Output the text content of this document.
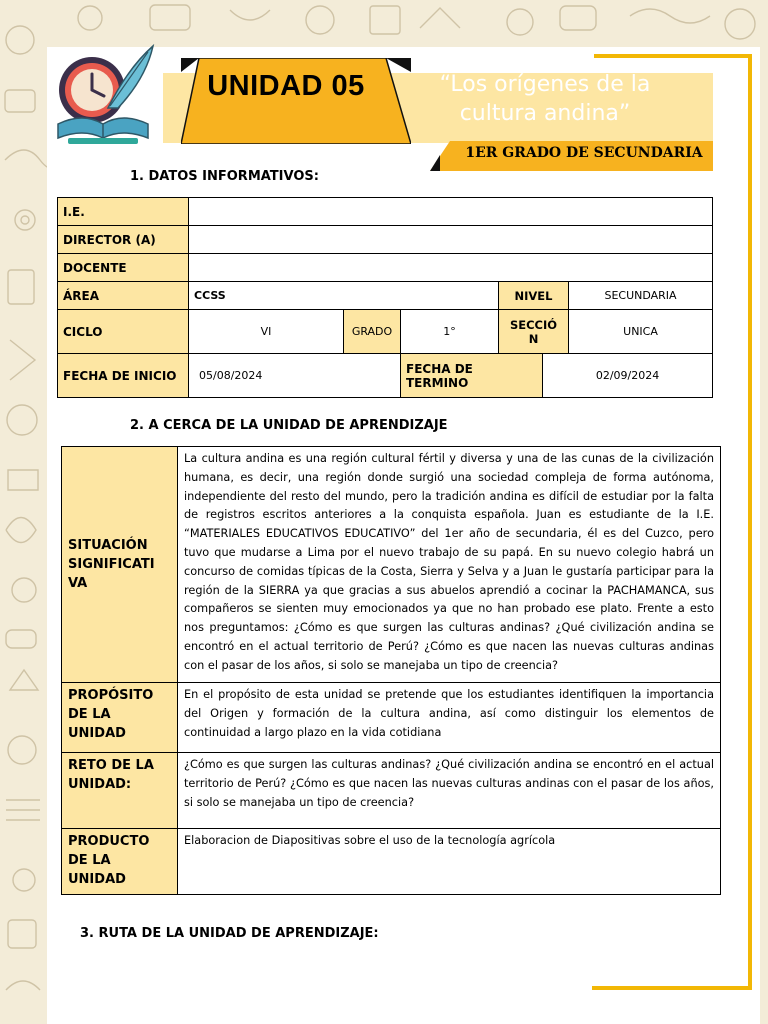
UNIDAD 05	“Los orígenes de la cultura andina”
1ER GRADO DE SECUNDARIA
1. DATOS INFORMATIVOS:
I.E.						
DIRECTOR (A)						
DOCENTE						
ÁREA	CCSS			NIVEL		SECUNDARIA
CICLO	VI	GRADO	1°	SECCIÓ N		UNICA
FECHA DE INICIO	05/08/2024		FECHA DE TERMINO		02/09/2024	
2. A CERCA DE LA UNIDAD DE APRENDIZAJE
SITUACIÓN SIGNIFICATI VA	La cultura andina es una región cultural fértil y diversa y una de las cunas de la civilización humana, es decir, una región donde surgió una sociedad compleja de forma autónoma, independiente del resto del mundo, pero la tradición andina es difícil de estudiar por la falta de registros escritos anteriores a la conquista española. Juan es estudiante de la I.E. “MATERIALES EDUCATIVOS EDUCATIVO” del 1er año de secundaria, él es del Cuzco, pero tuvo que mudarse a Lima por el nuevo trabajo de su papá. En su nuevo colegio habrá un concurso de comidas típicas de la Costa, Sierra y Selva y a Juan le gustaría participar para la región de la SIERRA ya que gracias a sus abuelos aprendió a cocinar la PACHAMANCA, sus compañeros se sienten muy emocionados ya que no han probado ese plato. Frente a esto nos preguntamos: ¿Cómo es que surgen las culturas andinas? ¿Qué civilización andina se encontró en el actual territorio de Perú? ¿Cómo es que nacen las nuevas culturas andinas con el pasar de los años, si solo se manejaba un tipo de creencia?
PROPÓSITO DE LA UNIDAD	En el propósito de esta unidad se pretende que los estudiantes identifiquen la importancia del Origen y formación de la cultura andina, así como distinguir los elementos de continuidad a largo plazo en la vida cotidiana
RETO DE LA UNIDAD:	¿Cómo es que surgen las culturas andinas? ¿Qué civilización andina se encontró en el actual territorio de Perú? ¿Cómo es que nacen las nuevas culturas andinas con el pasar de los años, si solo se manejaba un tipo de creencia?
PRODUCTO DE LA UNIDAD	Elaboracion de Diapositivas sobre el uso de la tecnología agrícola
3. RUTA DE LA UNIDAD DE APRENDIZAJE:
